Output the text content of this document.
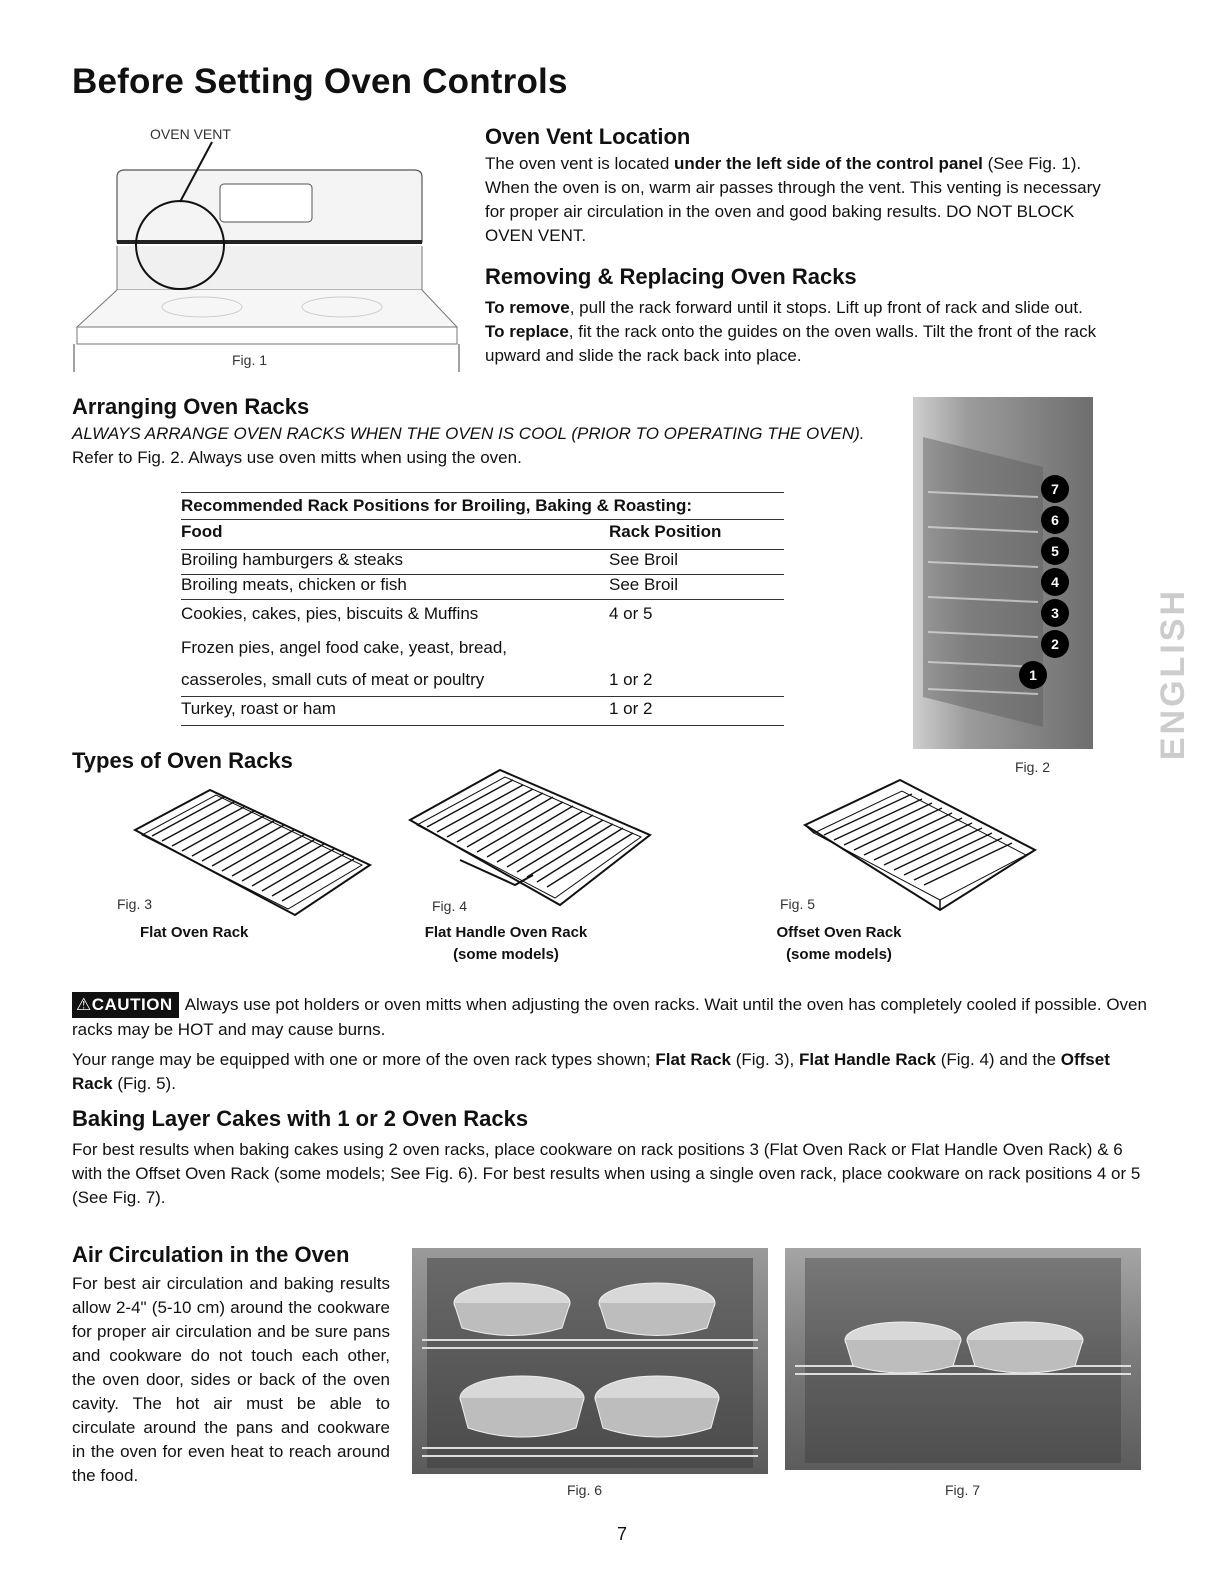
Before Setting Oven Controls
OVEN VENT
Fig. 1
Oven Vent Location
The oven vent is located under the left side of the control panel (See Fig. 1). When the oven is on, warm air passes through the vent. This venting is necessary for proper air circulation in the oven and good baking results. DO NOT BLOCK OVEN VENT.
Removing & Replacing Oven Racks
To remove, pull the rack forward until it stops. Lift up front of rack and slide out. To replace, fit the rack onto the guides on the oven walls. Tilt the front of the rack upward and slide the rack back into place.
Arranging Oven Racks
ALWAYS ARRANGE OVEN RACKS WHEN THE OVEN IS COOL (PRIOR TO OPERATING THE OVEN). Refer to Fig. 2. Always use oven mitts when using the oven.
Recommended Rack Positions for Broiling, Baking & Roasting:
Food	Rack Position
Broiling hamburgers & steaks	See Broil
Broiling meats, chicken or fish	See Broil
Cookies, cakes, pies, biscuits & Muffins	4 or 5
Frozen pies, angel food cake, yeast, bread,	
casseroles, small cuts of meat or poultry	1 or 2
Turkey, roast or ham	1 or 2
7
6
5
4
3
2
1
Fig. 2
ENGLISH
Types of Oven Racks
Fig. 3
Flat Oven Rack
Fig. 4
Flat Handle Oven Rack
(some models)
Fig. 5
Offset Oven Rack
(some models)
⚠CAUTION Always use pot holders or oven mitts when adjusting the oven racks. Wait until the oven has completely cooled if possible. Oven racks may be HOT and may cause burns.
Your range may be equipped with one or more of the oven rack types shown; Flat Rack (Fig. 3), Flat Handle Rack (Fig. 4) and the Offset Rack (Fig. 5).
Baking Layer Cakes with 1 or 2 Oven Racks
For best results when baking cakes using 2 oven racks, place cookware on rack positions 3 (Flat Oven Rack or Flat Handle Oven Rack) & 6 with the Offset Oven Rack (some models; See Fig. 6). For best results when using a single oven rack, place cookware on rack positions 4 or 5 (See Fig. 7).
Air Circulation in the Oven
For best air circulation and baking results allow 2-4" (5-10 cm) around the cookware for proper air circulation and be sure pans and cookware do not touch each other, the oven door, sides or back of the oven cavity. The hot air must be able to circulate around the pans and cookware in the oven for even heat to reach around the food.
Fig. 6	Fig. 7
7
